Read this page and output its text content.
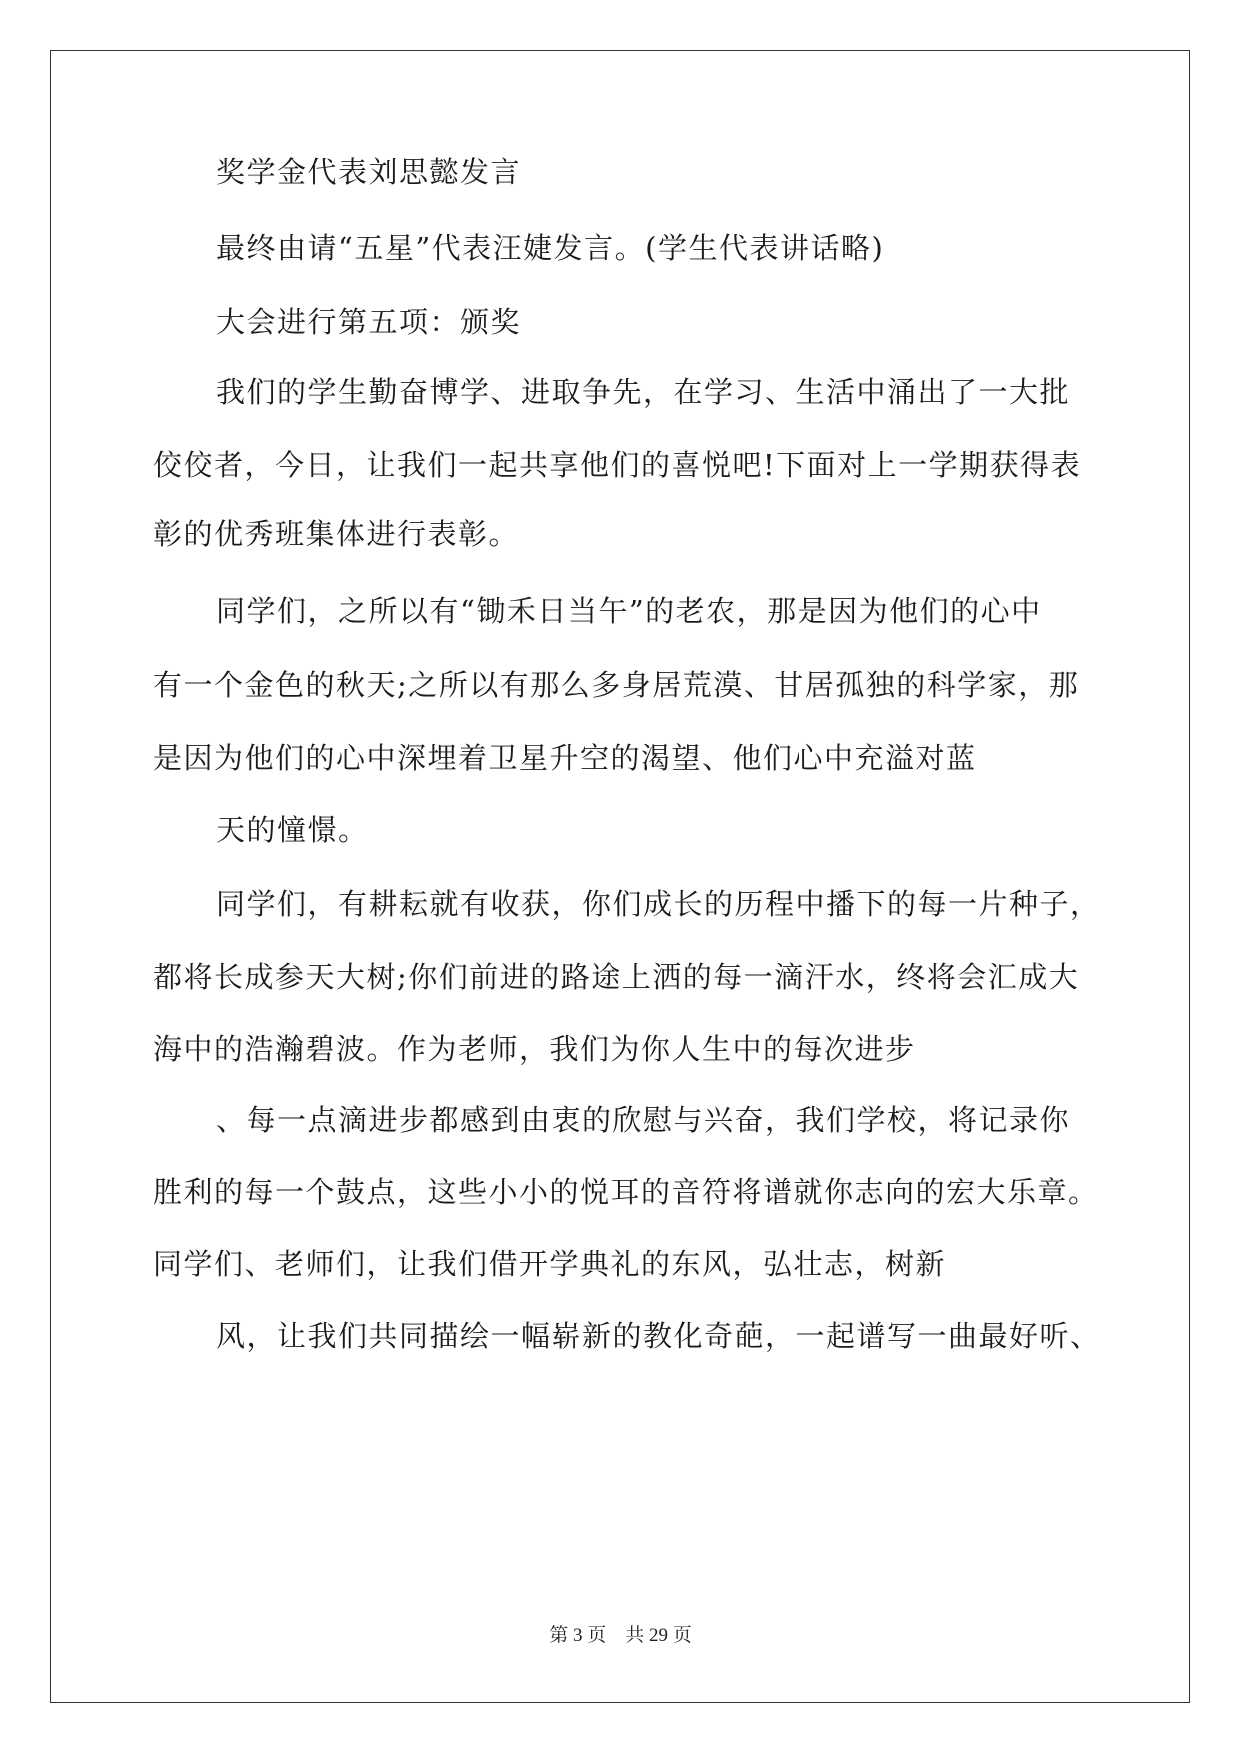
奖学金代表刘思懿发言
最终由请“五星”代表汪婕发言。(学生代表讲话略)
大会进行第五项：颁奖
我们的学生勤奋博学、进取争先，在学习、生活中涌出了一大批
佼佼者，今日，让我们一起共享他们的喜悦吧!下面对上一学期获得表
彰的优秀班集体进行表彰。
同学们，之所以有“锄禾日当午”的老农，那是因为他们的心中
有一个金色的秋天;之所以有那么多身居荒漠、甘居孤独的科学家，那
是因为他们的心中深埋着卫星升空的渴望、他们心中充溢对蓝
天的憧憬。
同学们，有耕耘就有收获，你们成长的历程中播下的每一片种子，
都将长成参天大树;你们前进的路途上洒的每一滴汗水，终将会汇成大
海中的浩瀚碧波。作为老师，我们为你人生中的每次进步
、每一点滴进步都感到由衷的欣慰与兴奋，我们学校，将记录你
胜利的每一个鼓点，这些小小的悦耳的音符将谱就你志向的宏大乐章。
同学们、老师们，让我们借开学典礼的东风，弘壮志，树新
风，让我们共同描绘一幅崭新的教化奇葩，一起谱写一曲最好听、
第 3 页　共 29 页
